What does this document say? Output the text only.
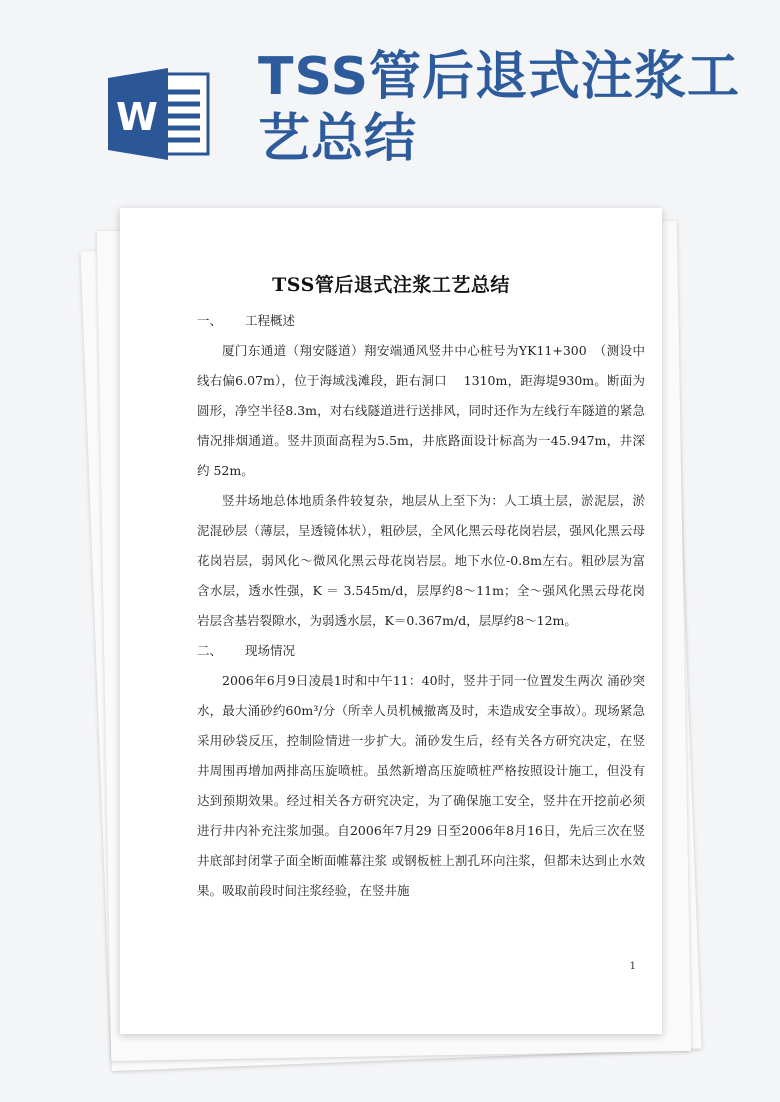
W
TSS管后退式注浆工艺总结
TSS管后退式注浆工艺总结

一、 工程概述

厦门东通道（翔安隧道）翔安端通风竖井中心桩号为YK11+300　（测设中线右偏6.07m），位于海域浅滩段，距右洞口　 1310m，距海堤930m。断面为圆形，净空半径8.3m，对右线隧道进行送排风，同时还作为左线行车隧道的紧急情况排烟通道。竖井顶面高程为5.5m，井底路面设计标高为一45.947m，井深约 52m。

竖井场地总体地质条件较复杂，地层从上至下为：人工填土层，淤泥层，淤泥混砂层（薄层，呈透镜体状），粗砂层，全风化黑云母花岗岩层，强风化黑云母花岗岩层，弱风化～微风化黑云母花岗岩层。地下水位-0.8m左右。粗砂层为富含水层，透水性强，K ＝ 3.545m/d，层厚约8～11m；全～强风化黑云母花岗岩层含基岩裂隙水，为弱透水层，K＝0.367m/d，层厚约8～12m。

二、 现场情况

2006年6月9日凌晨1时和中午11：40时，竖井于同一位置发生两次 涌砂突水，最大涌砂约60m³/分（所幸人员机械撤离及时，未造成安全事故）。现场紧急采用砂袋反压，控制险情进一步扩大。涌砂发生后，经有关各方研究决定，在竖井周围再增加两排高压旋喷桩。虽然新增高压旋喷桩严格按照设计施工，但没有达到预期效果。经过相关各方研究决定，为了确保施工安全，竖井在开挖前必须进行井内补充注浆加强。自2006年7月29 日至2006年8月16日，先后三次在竖井底部封闭掌子面全断面帷幕注浆 或钢板桩上割孔环向注浆，但都未达到止水效果。吸取前段时间注浆经验，在竖井施

1
